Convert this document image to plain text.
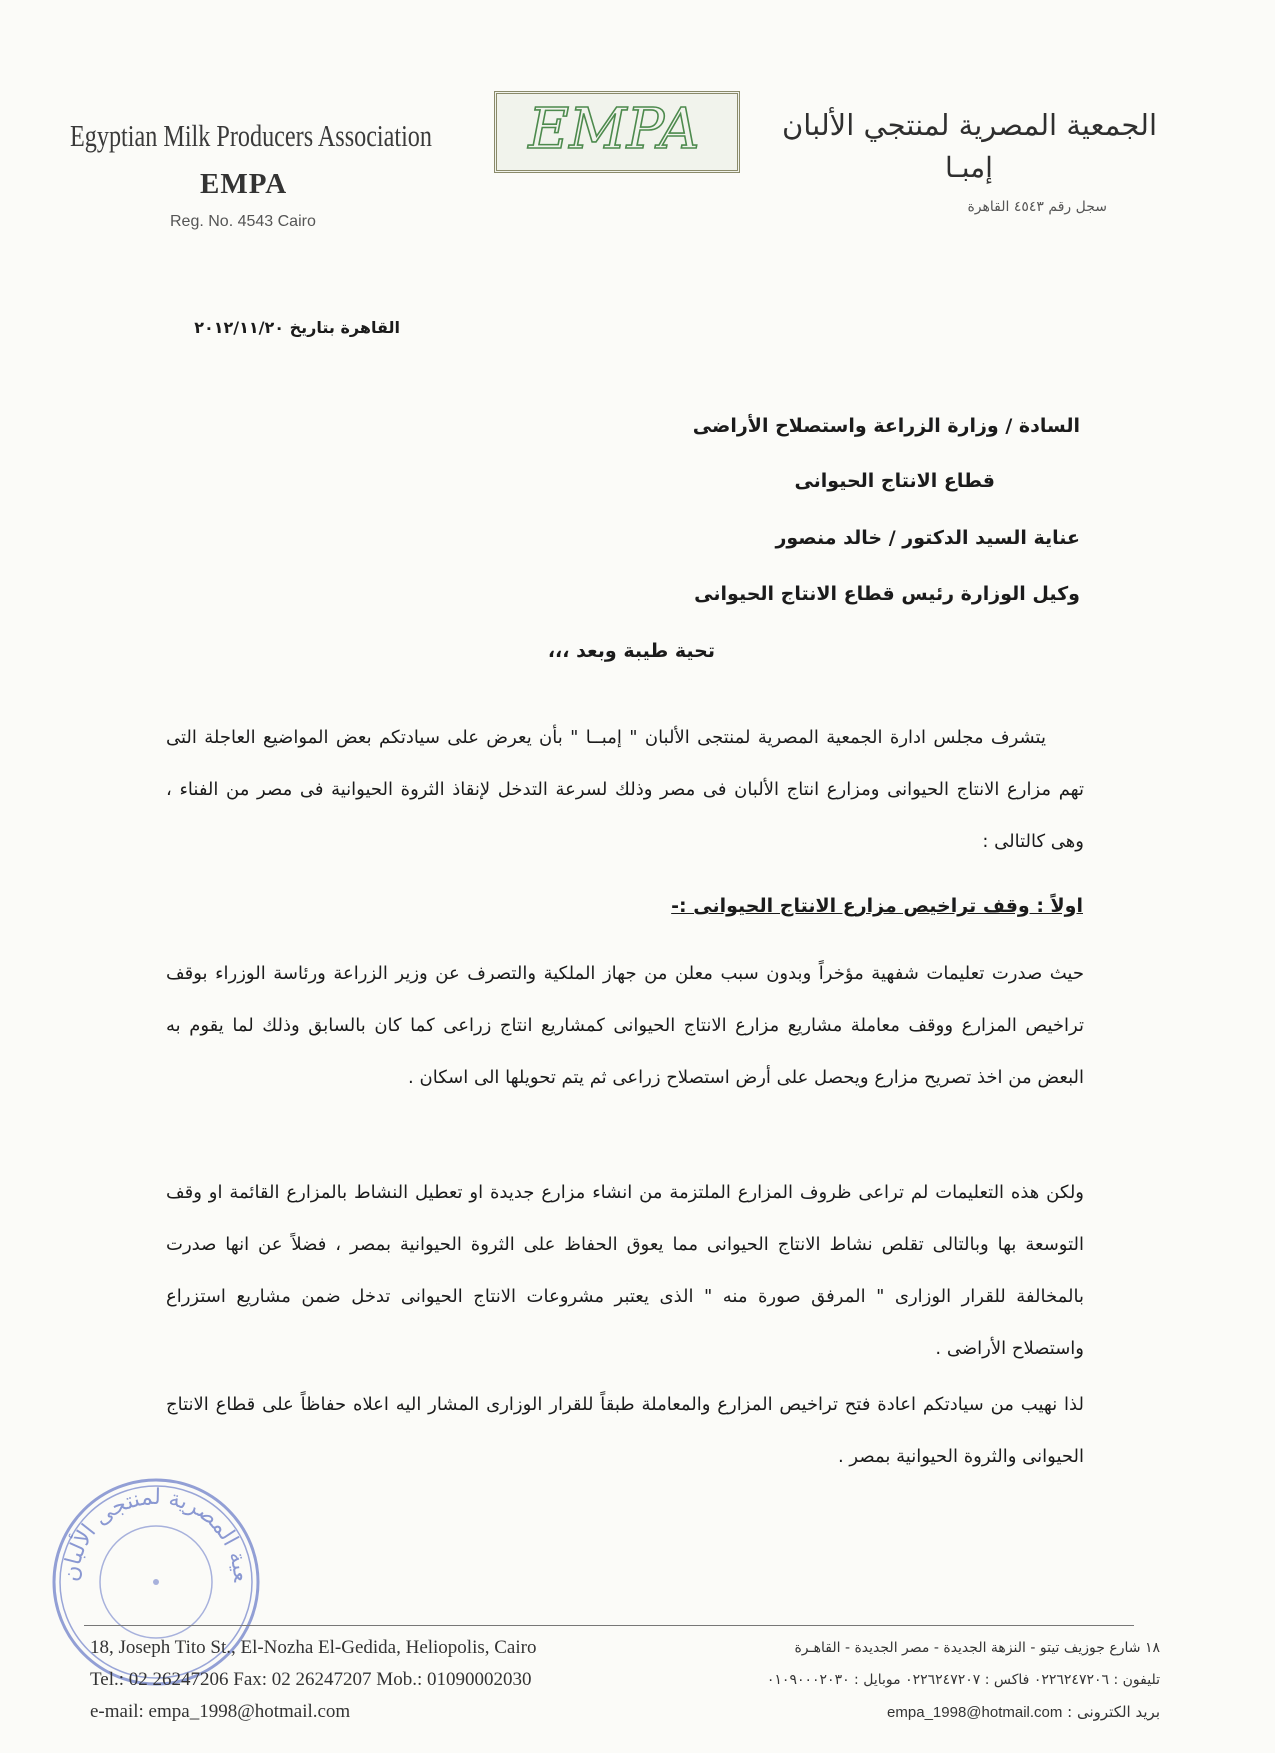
Egyptian Milk Producers Association
EMPA
Reg. No. 4543 Cairo
EMPA	الجمعية المصرية لمنتجي الألبان
إمبـا
سجل رقم ٤٥٤٣ القاهرة
القاهرة بتاريخ ٢٠١٢/١١/٢٠
السادة / وزارة الزراعة واستصلاح الأراضى
قطاع الانتاج الحيوانى
عناية السيد الدكتور / خالد منصور
وكيل الوزارة رئيس قطاع الانتاج الحيوانى
تحية طيبة وبعد ،،،
يتشرف مجلس ادارة الجمعية المصرية لمنتجى الألبان " إمبــا " بأن يعرض على سيادتكم بعض المواضيع العاجلة التى تهم مزارع الانتاج الحيوانى ومزارع انتاج الألبان فى مصر وذلك لسرعة التدخل لإنقاذ الثروة الحيوانية فى مصر من الفناء ، وهى كالتالى :
اولاً : وقف تراخيص مزارع الانتاج الحيوانى :-
حيث صدرت تعليمات شفهية مؤخراً وبدون سبب معلن من جهاز الملكية والتصرف عن وزير الزراعة ورئاسة الوزراء بوقف تراخيص المزارع ووقف معاملة مشاريع مزارع الانتاج الحيوانى كمشاريع انتاج زراعى كما كان بالسابق وذلك لما يقوم به البعض من اخذ تصريح مزارع ويحصل على أرض استصلاح زراعى ثم يتم تحويلها الى اسكان .
ولكن هذه التعليمات لم تراعى ظروف المزارع الملتزمة من انشاء مزارع جديدة او تعطيل النشاط بالمزارع القائمة او وقف التوسعة بها وبالتالى تقلص نشاط الانتاج الحيوانى مما يعوق الحفاظ على الثروة الحيوانية بمصر ، فضلاً عن انها صدرت بالمخالفة للقرار الوزارى " المرفق صورة منه " الذى يعتبر مشروعات الانتاج الحيوانى تدخل ضمن مشاريع استزراع واستصلاح الأراضى .
لذا نهيب من سيادتكم اعادة فتح تراخيص المزارع والمعاملة طبقاً للقرار الوزارى المشار اليه اعلاه حفاظاً على قطاع الانتاج الحيوانى والثروة الحيوانية بمصر .
عية المصرية لمنتجى الألبان
18, Joseph Tito St., El-Nozha El-Gedida, Heliopolis, Cairo
Tel.: 02 26247206 Fax: 02 26247207 Mob.: 01090002030
e-mail: empa_1998@hotmail.com
١٨ شارع جوزيف تيتو - النزهة الجديدة - مصر الجديدة - القاهـرة
تليفون : ٠٢٢٦٢٤٧٢٠٦ فاكس : ٠٢٢٦٢٤٧٢٠٧ موبايل : ٠١٠٩٠٠٠٢٠٣٠
بريد الكترونى : empa_1998@hotmail.com
